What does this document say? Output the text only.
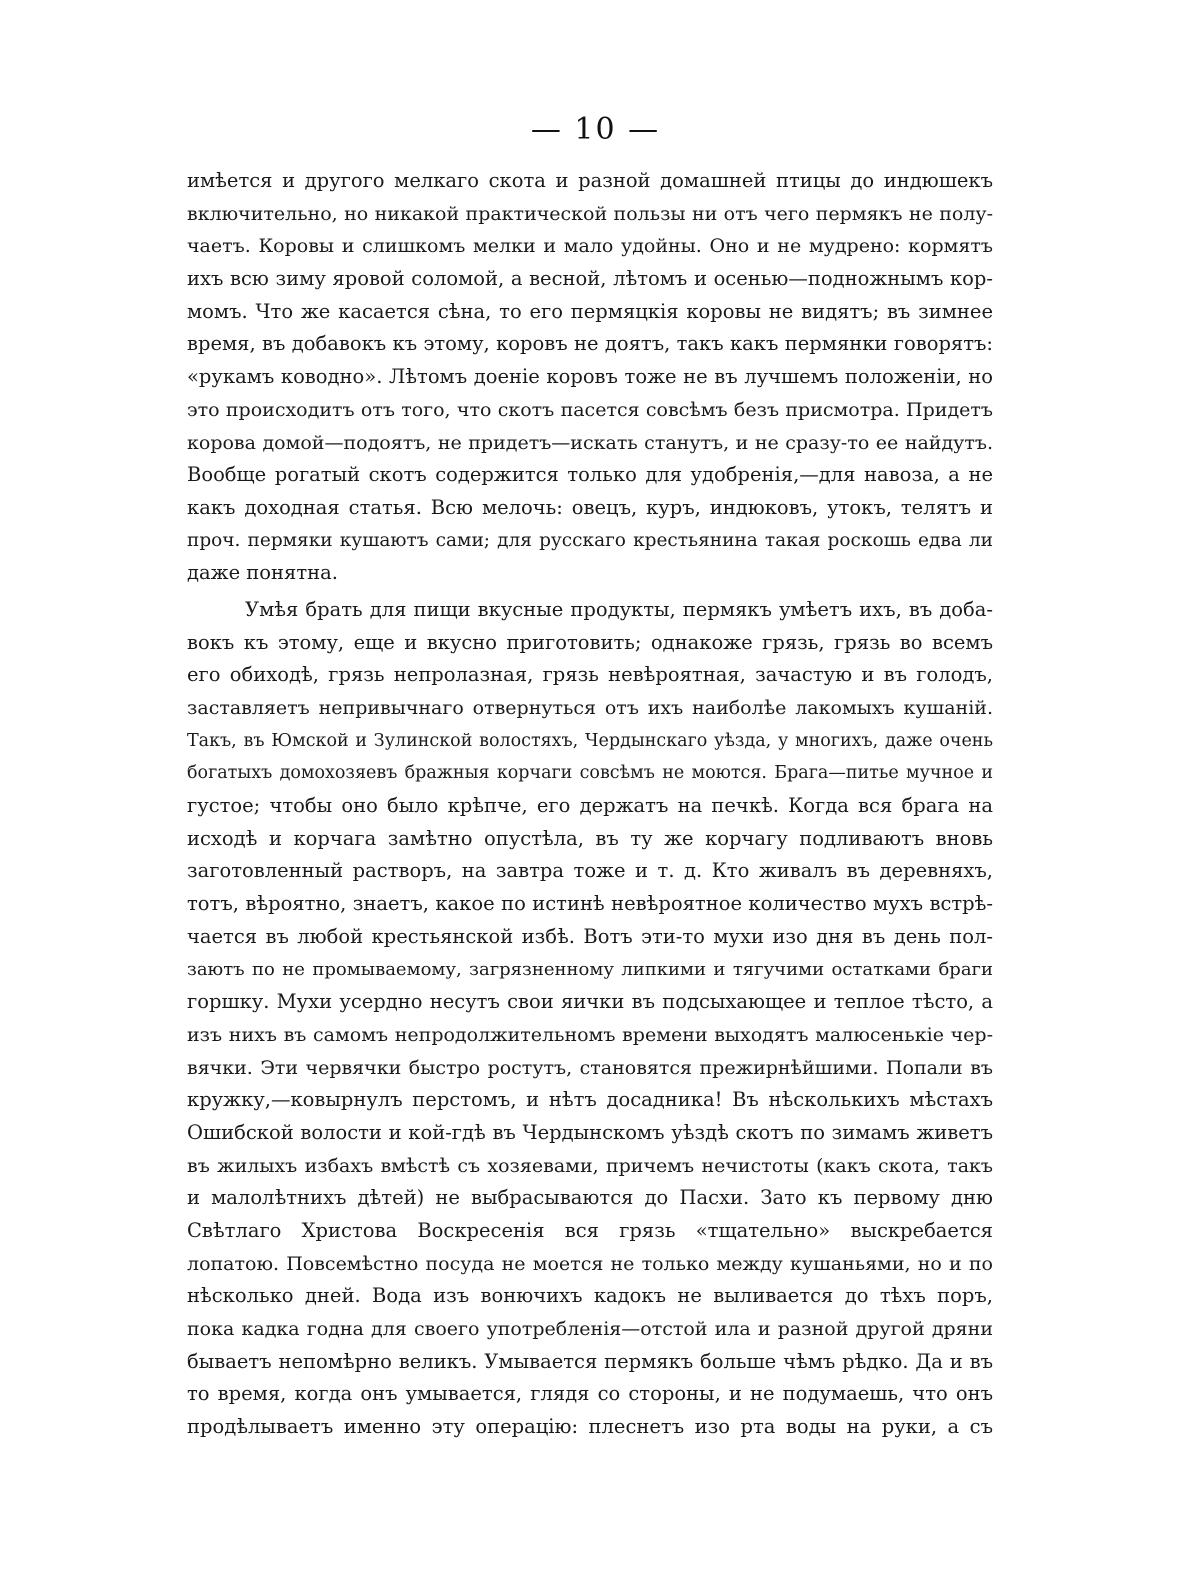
— 10 —
имѣется и другого мелкаго скота и разной домашней птицы до индюшекъ
включительно, но никакой практической пользы ни отъ чего пермякъ не полу-
чаетъ. Коровы и слишкомъ мелки и мало удойны. Оно и не мудрено: кормятъ
ихъ всю зиму яровой соломой, а весной, лѣтомъ и осенью—подножнымъ кор-
момъ. Что же касается сѣна, то его пермяцкія коровы не видятъ; въ зимнее
время, въ добавокъ къ этому, коровъ не доятъ, такъ какъ пермянки говорятъ:
«рукамъ ководно». Лѣтомъ доеніе коровъ тоже не въ лучшемъ положеніи, но
это происходитъ отъ того, что скотъ пасется совсѣмъ безъ присмотра. Придетъ
корова домой—подоятъ, не придетъ—искать станутъ, и не сразу-то ее найдутъ.
Вообще рогатый скотъ содержится только для удобренія,—для навоза, а не
какъ доходная статья. Всю мелочь: овецъ, куръ, индюковъ, утокъ, телятъ и
проч. пермяки кушаютъ сами; для русскаго крестьянина такая роскошь едва ли
даже понятна.
Умѣя брать для пищи вкусные продукты, пермякъ умѣетъ ихъ, въ доба-
вокъ къ этому, еще и вкусно приготовить; однакоже грязь, грязь во всемъ
его обиходѣ, грязь непролазная, грязь невѣроятная, зачастую и въ голодъ,
заставляетъ непривычнаго отвернуться отъ ихъ наиболѣе лакомыхъ кушаній.
Такъ, въ Юмской и Зулинской волостяхъ, Чердынскаго уѣзда, у многихъ, даже очень
богатыхъ домохозяевъ бражныя корчаги совсѣмъ не моются. Брага—питье мучное и
густое; чтобы оно было крѣпче, его держатъ на печкѣ. Когда вся брага на
исходѣ и корчага замѣтно опустѣла, въ ту же корчагу подливаютъ вновь
заготовленный растворъ, на завтра тоже и т. д. Кто живалъ въ деревняхъ,
тотъ, вѣроятно, знаетъ, какое по истинѣ невѣроятное количество мухъ встрѣ-
чается въ любой крестьянской избѣ. Вотъ эти-то мухи изо дня въ день пол-
заютъ по не промываемому, загрязненному липкими и тягучими остатками браги
горшку. Мухи усердно несутъ свои яички въ подсыхающее и теплое тѣсто, а
изъ нихъ въ самомъ непродолжительномъ времени выходятъ малюсенькіе чер-
вячки. Эти червячки быстро ростутъ, становятся прежирнѣйшими. Попали въ
кружку,—ковырнулъ перстомъ, и нѣтъ досадника! Въ нѣсколькихъ мѣстахъ
Ошибской волости и кой-гдѣ въ Чердынскомъ уѣздѣ скотъ по зимамъ живетъ
въ жилыхъ избахъ вмѣстѣ съ хозяевами, причемъ нечистоты (какъ скота, такъ
и малолѣтнихъ дѣтей) не выбрасываются до Пасхи. Зато къ первому дню
Свѣтлаго Христова Воскресенія вся грязь «тщательно» выскребается
лопатою. Повсемѣстно посуда не моется не только между кушаньями, но и по
нѣсколько дней. Вода изъ вонючихъ кадокъ не выливается до тѣхъ поръ,
пока кадка годна для своего употребленія—отстой ила и разной другой дряни
бываетъ непомѣрно великъ. Умывается пермякъ больше чѣмъ рѣдко. Да и въ
то время, когда онъ умывается, глядя со стороны, и не подумаешь, что онъ
продѣлываетъ именно эту операцію: плеснетъ изо рта воды на руки, а съ
